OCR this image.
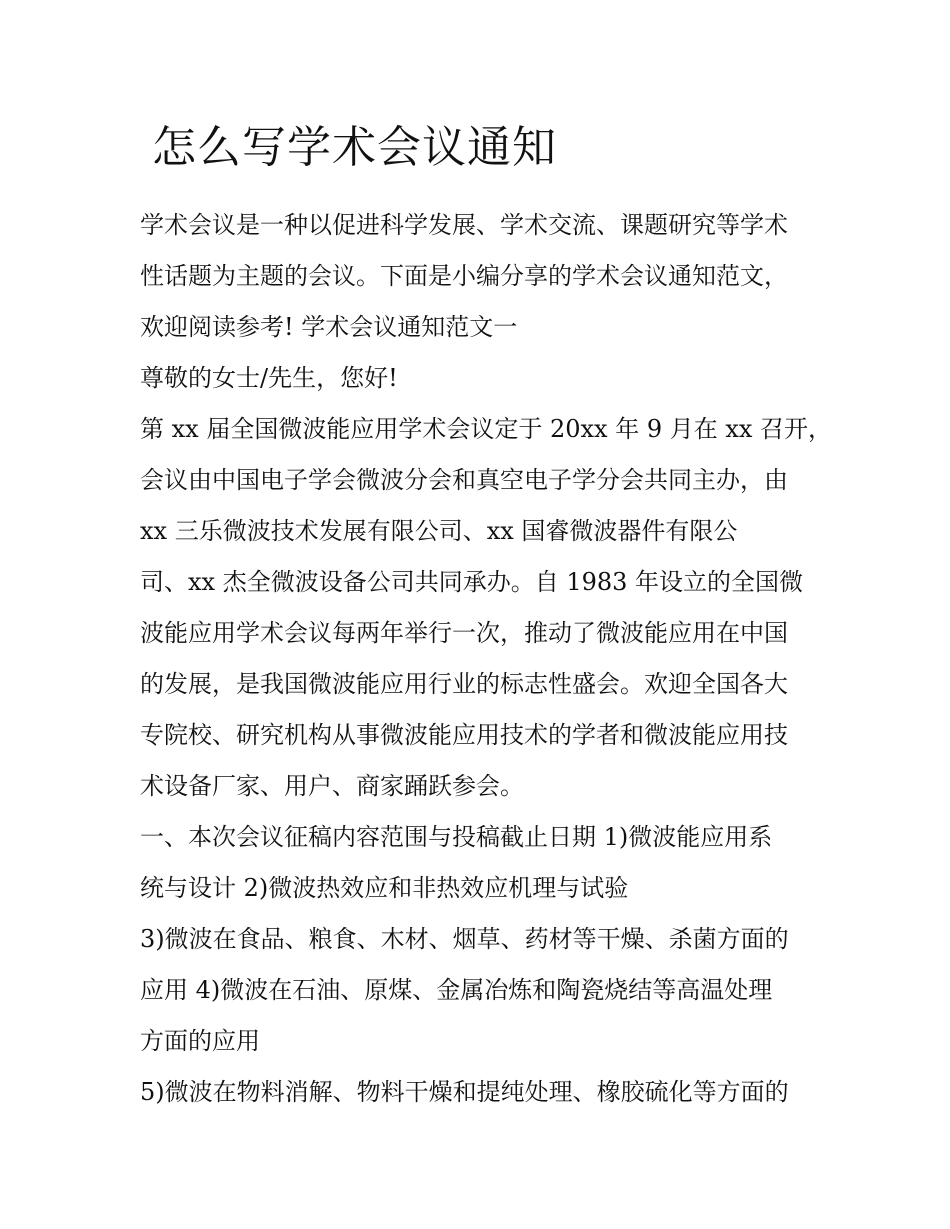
怎么写学术会议通知
学术会议是一种以促进科学发展、学术交流、课题研究等学术
性话题为主题的会议。下面是小编分享的学术会议通知范文，
欢迎阅读参考! 学术会议通知范文一
尊敬的女士/先生，您好!
第 xx 届全国微波能应用学术会议定于 20xx 年 9 月在 xx 召开，
会议由中国电子学会微波分会和真空电子学分会共同主办，由
xx 三乐微波技术发展有限公司、xx 国睿微波器件有限公
司、xx 杰全微波设备公司共同承办。自 1983 年设立的全国微
波能应用学术会议每两年举行一次，推动了微波能应用在中国
的发展，是我国微波能应用行业的标志性盛会。欢迎全国各大
专院校、研究机构从事微波能应用技术的学者和微波能应用技
术设备厂家、用户、商家踊跃参会。
一、本次会议征稿内容范围与投稿截止日期 1)微波能应用系
统与设计 2)微波热效应和非热效应机理与试验
3)微波在食品、粮食、木材、烟草、药材等干燥、杀菌方面的
应用 4)微波在石油、原煤、金属冶炼和陶瓷烧结等高温处理
方面的应用
5)微波在物料消解、物料干燥和提纯处理、橡胶硫化等方面的
